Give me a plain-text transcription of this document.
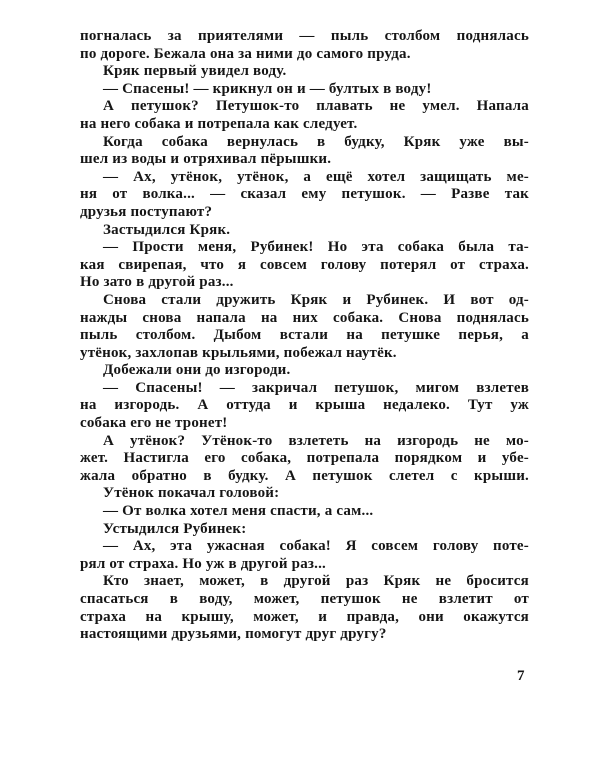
погналась за приятелями — пыль столбом поднялась
по дороге. Бежала она за ними до самого пруда.
Кряк первый увидел воду.
— Спасены! — крикнул он и — бултых в воду!
А петушок? Петушок-то плавать не умел. Напала
на него собака и потрепала как следует.
Когда собака вернулась в будку, Кряк уже вы-
шел из воды и отряхивал пёрышки.
— Ах, утёнок, утёнок, а ещё хотел защищать ме-
ня от волка... — сказал ему петушок. — Разве так
друзья поступают?
Застыдился Кряк.
— Прости меня, Рубинек! Но эта собака была та-
кая свирепая, что я совсем голову потерял от страха.
Но зато в другой раз...
Снова стали дружить Кряк и Рубинек. И вот од-
нажды снова напала на них собака. Снова поднялась
пыль столбом. Дыбом встали на петушке перья, а
утёнок, захлопав крыльями, побежал наутёк.
Добежали они до изгороди.
— Спасены! — закричал петушок, мигом взлетев
на изгородь. А оттуда и крыша недалеко. Тут уж
собака его не тронет!
А утёнок? Утёнок-то взлететь на изгородь не мо-
жет. Настигла его собака, потрепала порядком и убе-
жала обратно в будку. А петушок слетел с крыши.
Утёнок покачал головой:
— От волка хотел меня спасти, а сам...
Устыдился Рубинек:
— Ах, эта ужасная собака! Я совсем голову поте-
рял от страха. Но уж в другой раз...
Кто знает, может, в другой раз Кряк не бросится
спасаться в воду, может, петушок не взлетит от
страха на крышу, может, и правда, они окажутся
настоящими друзьями, помогут друг другу?
7
